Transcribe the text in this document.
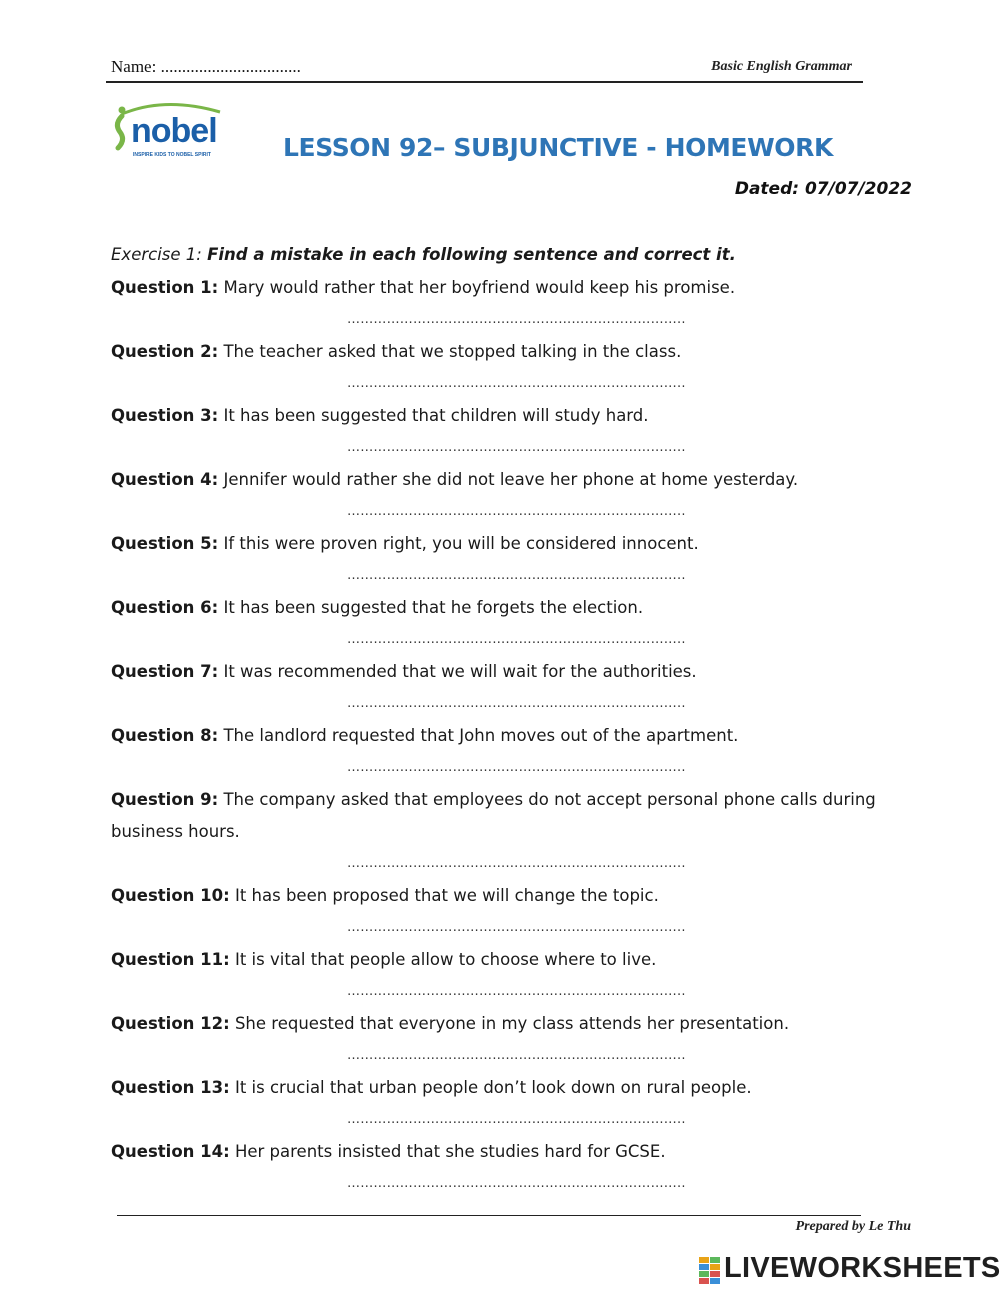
Name: .................................	Basic English Grammar
nobel
INSPIRE KIDS TO NOBEL SPIRIT	LESSON 92– SUBJUNCTIVE - HOMEWORK
Dated: 07/07/2022
Exercise 1: Find a mistake in each following sentence and correct it.
Question 1: Mary would rather that her boyfriend would keep his promise.
…………………………………………………………………..
Question 2: The teacher asked that we stopped talking in the class.
…………………………………………………………………..
Question 3: It has been suggested that children will study hard.
…………………………………………………………………..
Question 4: Jennifer would rather she did not leave her phone at home yesterday.
…………………………………………………………………..
Question 5: If this were proven right, you will be considered innocent.
…………………………………………………………………..
Question 6: It has been suggested that he forgets the election.
…………………………………………………………………..
Question 7: It was recommended that we will wait for the authorities.
…………………………………………………………………..
Question 8: The landlord requested that John moves out of the apartment.
…………………………………………………………………..
Question 9: The company asked that employees do not accept personal phone calls during business hours.
…………………………………………………………………..
Question 10: It has been proposed that we will change the topic.
…………………………………………………………………..
Question 11: It is vital that people allow to choose where to live.
…………………………………………………………………..
Question 12: She requested that everyone in my class attends her presentation.
…………………………………………………………………..
Question 13: It is crucial that urban people don’t look down on rural people.
…………………………………………………………………..
Question 14: Her parents insisted that she studies hard for GCSE.
…………………………………………………………………..
Prepared by Le Thu
LIVEWORKSHEETS
